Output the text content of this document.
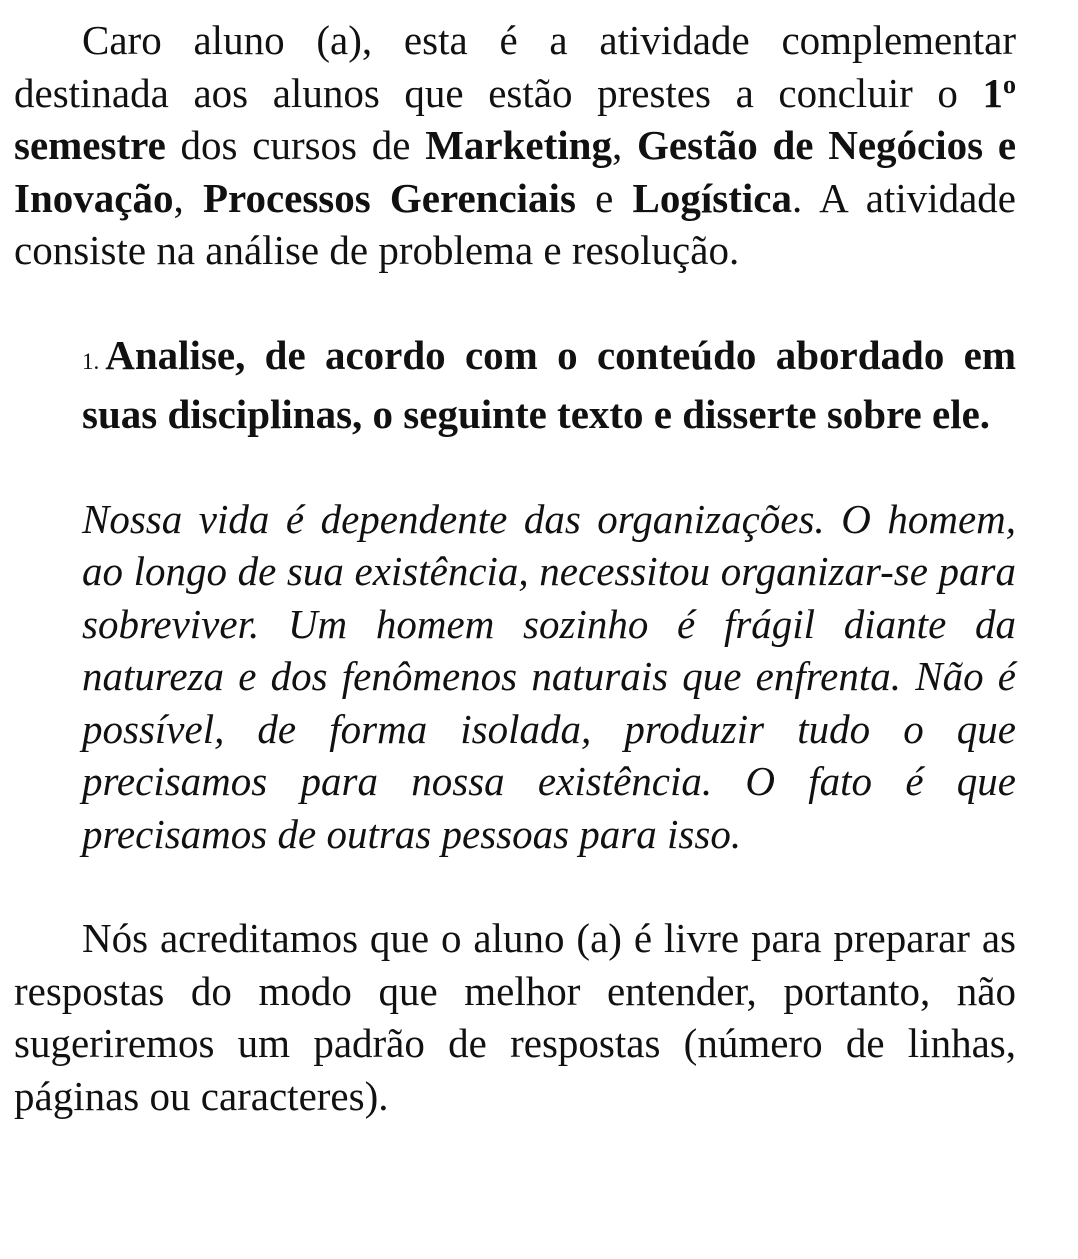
Caro aluno (a), esta é a atividade complementar destinada aos alunos que estão prestes a concluir o 1$^o$ semestre dos cursos de Marketing, Gestão de Negócios e Inovação, Processos Gerenciais e Logística. A atividade consiste na análise de problema e resolução.

1. Analise, de acordo com o conteúdo abordado em suas disciplinas, o seguinte texto e disserte sobre ele.

Nossa vida é dependente das organizações. O homem, ao longo de sua existência, necessitou organizar-se para sobreviver. Um homem sozinho é frágil diante da natureza e dos fenômenos naturais que enfrenta. Não é possível, de forma isolada, produzir tudo o que precisamos para nossa existência. O fato é que precisamos de outras pessoas para isso.

Nós acreditamos que o aluno (a) é livre para preparar as respostas do modo que melhor entender, portanto, não sugeriremos um padrão de respostas (número de linhas, páginas ou caracteres).
